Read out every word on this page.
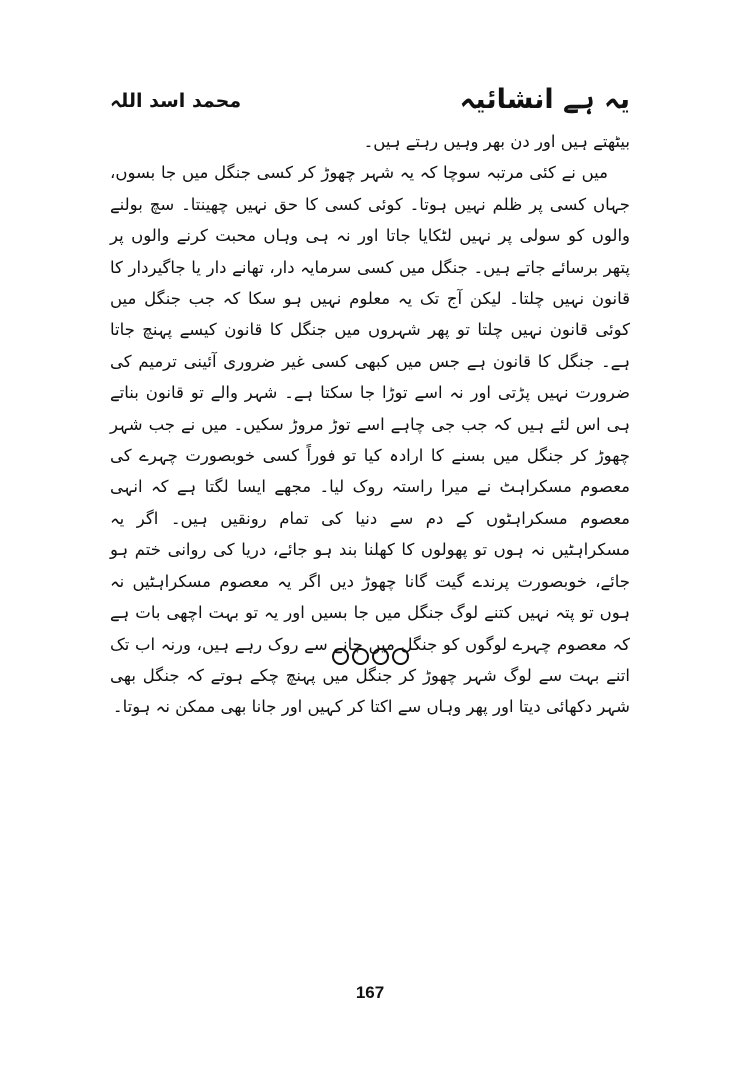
یہ ہے انشائیہ
محمد اسد اللہ

بیٹھتے ہیں اور دن بھر وہیں رہتے ہیں۔

میں نے کئی مرتبہ سوچا کہ یہ شہر چھوڑ کر کسی جنگل میں جا بسوں، جہاں کسی پر ظلم نہیں ہوتا۔ کوئی کسی کا حق نہیں چھینتا۔ سچ بولنے والوں کو سولی پر نہیں لٹکایا جاتا اور نہ ہی وہاں محبت کرنے والوں پر پتھر برسائے جاتے ہیں۔ جنگل میں کسی سرمایہ دار، تھانے دار یا جاگیردار کا قانون نہیں چلتا۔ لیکن آج تک یہ معلوم نہیں ہو سکا کہ جب جنگل میں کوئی قانون نہیں چلتا تو پھر شہروں میں جنگل کا قانون کیسے پہنچ جاتا ہے۔ جنگل کا قانون ہے جس میں کبھی کسی غیر ضروری آئینی ترمیم کی ضرورت نہیں پڑتی اور نہ اسے توڑا جا سکتا ہے۔ شہر والے تو قانون بناتے ہی اس لئے ہیں کہ جب جی چاہے اسے توڑ مروڑ سکیں۔ میں نے جب شہر چھوڑ کر جنگل میں بسنے کا ارادہ کیا تو فوراً کسی خوبصورت چہرے کی معصوم مسکراہٹ نے میرا راستہ روک لیا۔ مجھے ایسا لگتا ہے کہ انہی معصوم مسکراہٹوں کے دم سے دنیا کی تمام رونقیں ہیں۔ اگر یہ مسکراہٹیں نہ ہوں تو پھولوں کا کھلنا بند ہو جائے، دریا کی روانی ختم ہو جائے، خوبصورت پرندے گیت گانا چھوڑ دیں اگر یہ معصوم مسکراہٹیں نہ ہوں تو پتہ نہیں کتنے لوگ جنگل میں جا بسیں اور یہ تو بہت اچھی بات ہے کہ معصوم چہرے لوگوں کو جنگل میں جانے سے روک رہے ہیں، ورنہ اب تک اتنے بہت سے لوگ شہر چھوڑ کر جنگل میں پہنچ چکے ہوتے کہ جنگل بھی شہر دکھائی دیتا اور پھر وہاں سے اکتا کر کہیں اور جانا بھی ممکن نہ ہوتا۔

167
